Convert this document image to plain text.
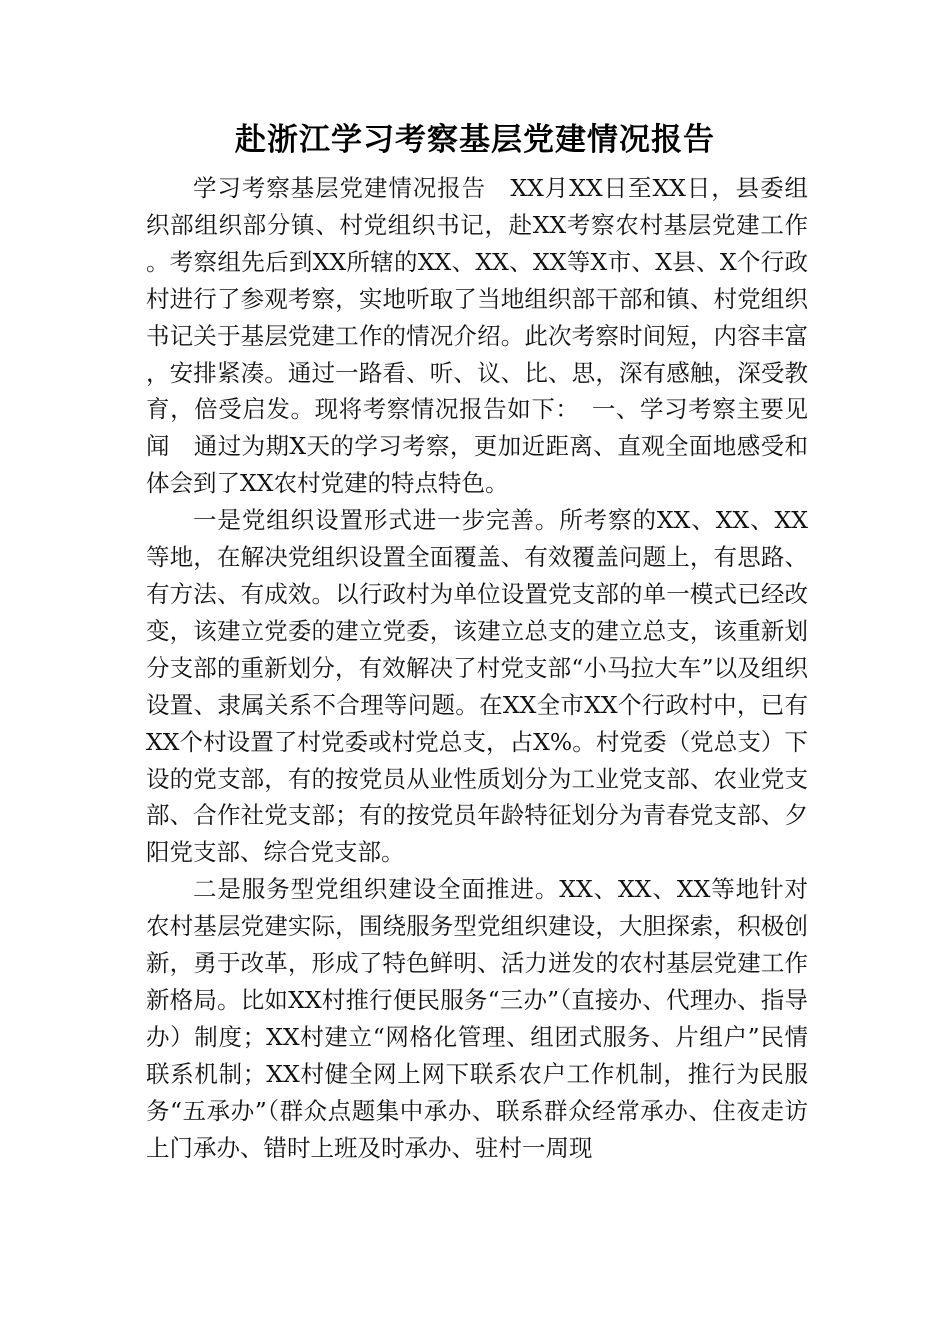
赴浙江学习考察基层党建情况报告

学习考察基层党建情况报告　XX月XX日至XX日，县委组织部组织部分镇、村党组织书记，赴XX考察农村基层党建工作。考察组先后到XX所辖的XX、XX、XX等X市、X县、X个行政村进行了参观考察，实地听取了当地组织部干部和镇、村党组织书记关于基层党建工作的情况介绍。此次考察时间短，内容丰富，安排紧凑。通过一路看、听、议、比、思，深有感触，深受教育，倍受启发。现将考察情况报告如下：　一、学习考察主要见闻　通过为期X天的学习考察，更加近距离、直观全面地感受和体会到了XX农村党建的特点特色。

一是党组织设置形式进一步完善。所考察的XX、XX、XX等地，在解决党组织设置全面覆盖、有效覆盖问题上，有思路、有方法、有成效。以行政村为单位设置党支部的单一模式已经改变，该建立党委的建立党委，该建立总支的建立总支，该重新划分支部的重新划分，有效解决了村党支部“小马拉大车”以及组织设置、隶属关系不合理等问题。在XX全市XX个行政村中，已有XX个村设置了村党委或村党总支，占X%。村党委（党总支）下设的党支部，有的按党员从业性质划分为工业党支部、农业党支部、合作社党支部；有的按党员年龄特征划分为青春党支部、夕阳党支部、综合党支部。

二是服务型党组织建设全面推进。XX、XX、XX等地针对农村基层党建实际，围绕服务型党组织建设，大胆探索，积极创新，勇于改革，形成了特色鲜明、活力迸发的农村基层党建工作新格局。比如XX村推行便民服务“三办”（直接办、代理办、指导办）制度；XX村建立“网格化管理、组团式服务、片组户”民情联系机制；XX村健全网上网下联系农户工作机制，推行为民服务“五承办”（群众点题集中承办、联系群众经常承办、住夜走访上门承办、错时上班及时承办、驻村一周现
